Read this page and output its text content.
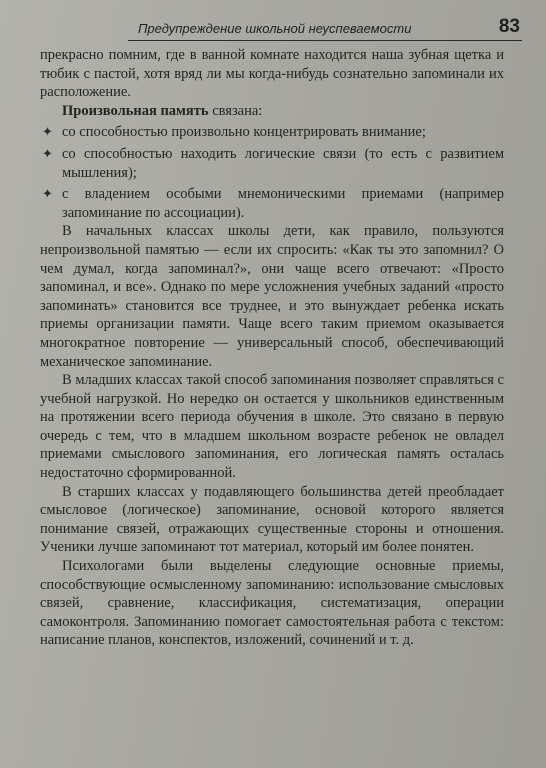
Предупреждение школьной неуспеваемости	83

прекрасно помним, где в ванной комнате находится наша зубная щетка и тюбик с пастой, хотя вряд ли мы когда-нибудь сознательно запоминали их расположение.

Произвольная память связана:

✦ со способностью произвольно концентрировать внимание;
✦ со способностью находить логические связи (то есть с развитием мышления);
✦ с владением особыми мнемоническими приемами (например запоминание по ассоциации).

В начальных классах школы дети, как правило, пользуются непроизвольной памятью — если их спросить: «Как ты это запомнил? О чем думал, когда запоминал?», они чаще всего отвечают: «Просто запоминал, и все». Однако по мере усложнения учебных заданий «просто запоминать» становится все труднее, и это вынуждает ребенка искать приемы организации памяти. Чаще всего таким приемом оказывается многократное повторение — универсальный способ, обеспечивающий механическое запоминание.

В младших классах такой способ запоминания позволяет справляться с учебной нагрузкой. Но нередко он остается у школьников единственным на протяжении всего периода обучения в школе. Это связано в первую очередь с тем, что в младшем школьном возрасте ребенок не овладел приемами смыслового запоминания, его логическая память осталась недостаточно сформированной.

В старших классах у подавляющего большинства детей преобладает смысловое (логическое) запоминание, основой которого является понимание связей, отражающих существенные стороны и отношения. Ученики лучше запоминают тот материал, который им более понятен.

Психологами были выделены следующие основные приемы, способствующие осмысленному запоминанию: использование смысловых связей, сравнение, классификация, систематизация, операции самоконтроля. Запоминанию помогает самостоятельная работа с текстом: написание планов, конспектов, изложений, сочинений и т. д.
